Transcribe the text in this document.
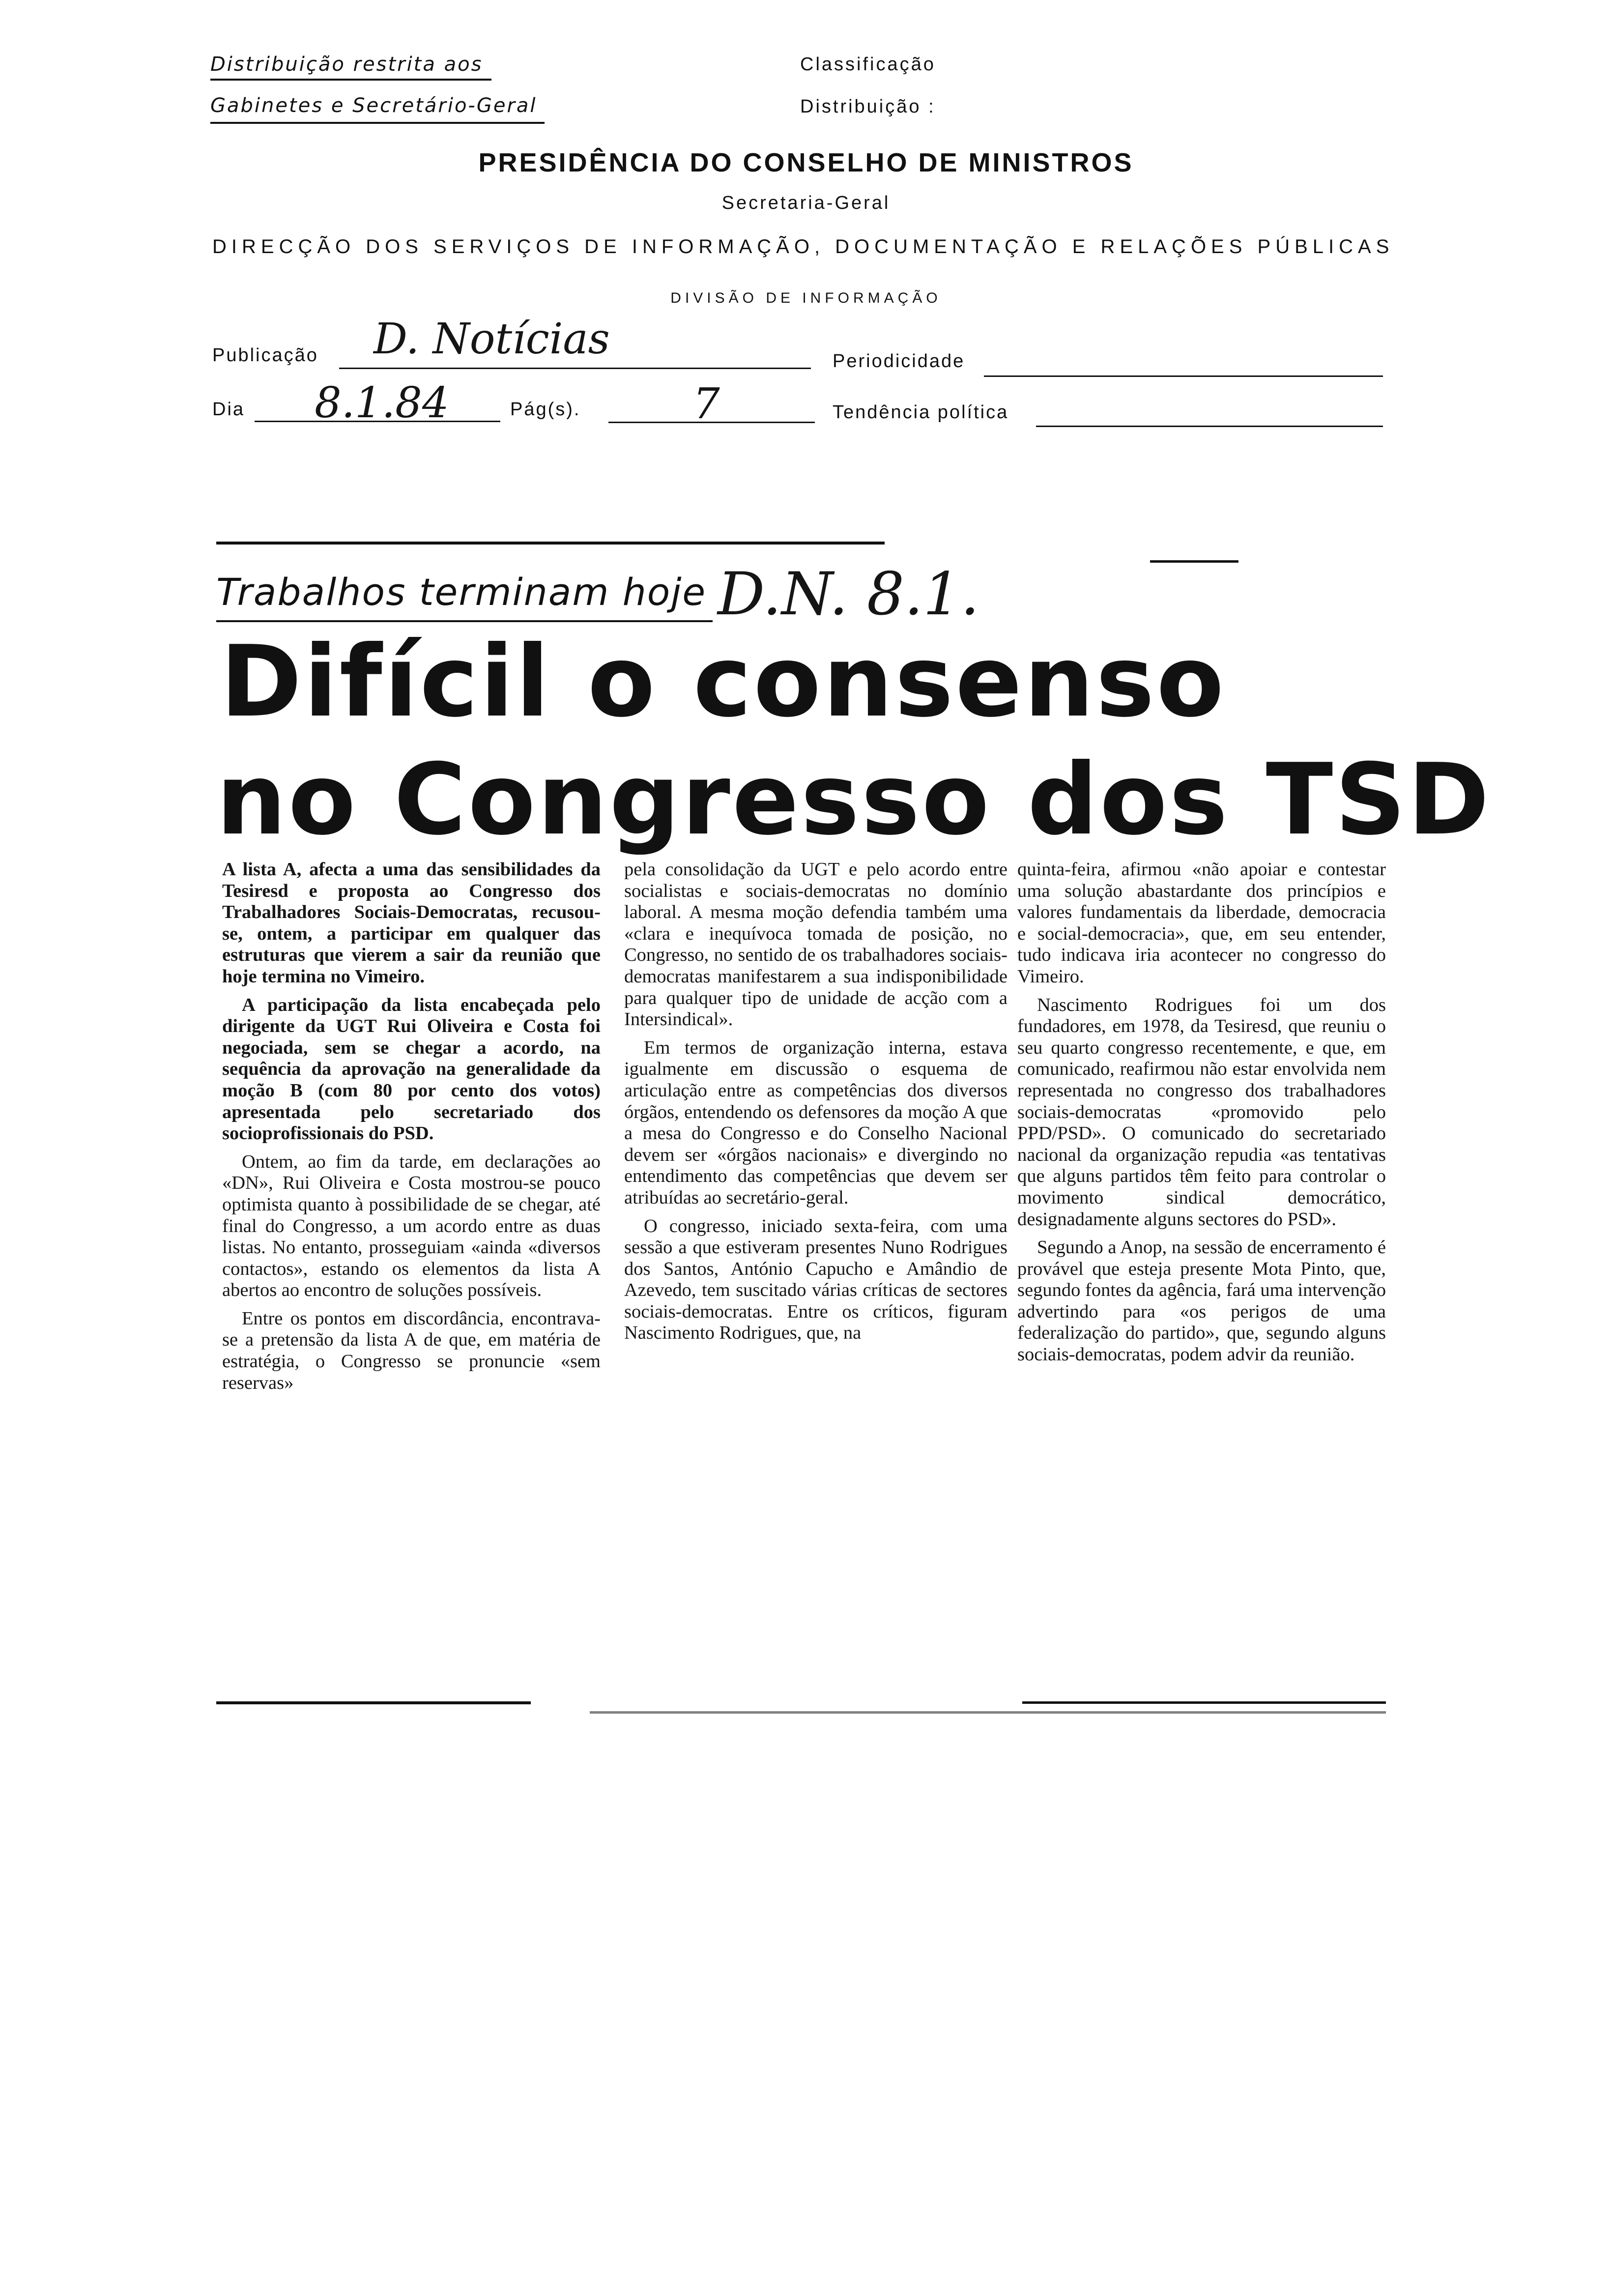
Distribuição restrita aos
Gabinetes e Secretário-Geral
Classificação
Distribuição :
PRESIDÊNCIA DO CONSELHO DE MINISTROS
Secretaria-Geral
DIRECÇÃO DOS SERVIÇOS DE INFORMAÇÃO, DOCUMENTAÇÃO E RELAÇÕES PÚBLICAS
DIVISÃO DE INFORMAÇÃO
Publicação D. Notícias	Periodicidade
Dia 8.1.84	Pág(s).	7	Tendência política
Trabalhos terminam hoje D.N. 8.1.
Difícil o consenso
no Congresso dos TSD

A lista A, afecta a uma das sensibilidades da Tesiresd e proposta ao Congresso dos Trabalhadores Sociais-Democratas, recusou-se, ontem, a participar em qualquer das estruturas que vierem a sair da reunião que hoje termina no Vimeiro.

A participação da lista encabeçada pelo dirigente da UGT Rui Oliveira e Costa foi negociada, sem se chegar a acordo, na sequência da aprovação na generalidade da moção B (com 80 por cento dos votos) apresentada pelo secretariado dos socioprofissionais do PSD.

Ontem, ao fim da tarde, em declarações ao «DN», Rui Oliveira e Costa mostrou-se pouco optimista quanto à possibilidade de se chegar, até final do Congresso, a um acordo entre as duas listas. No entanto, prosseguiam «ainda «diversos contactos», estando os elementos da lista A abertos ao encontro de soluções possíveis.

Entre os pontos em discordância, encontrava-se a pretensão da lista A de que, em matéria de estratégia, o Congresso se pronuncie «sem reservas»

pela consolidação da UGT e pelo acordo entre socialistas e sociais-democratas no domínio laboral. A mesma moção defendia também uma «clara e inequívoca tomada de posição, no Congresso, no sentido de os trabalhadores sociais-democratas manifestarem a sua indisponibilidade para qualquer tipo de unidade de acção com a Intersindical».

Em termos de organização interna, estava igualmente em discussão o esquema de articulação entre as competências dos diversos órgãos, entendendo os defensores da moção A que a mesa do Congresso e do Conselho Nacional devem ser «órgãos nacionais» e divergindo no entendimento das competências que devem ser atribuídas ao secretário-geral.

O congresso, iniciado sexta-feira, com uma sessão a que estiveram presentes Nuno Rodrigues dos Santos, António Capucho e Amândio de Azevedo, tem suscitado várias críticas de sectores sociais-democratas. Entre os críticos, figuram Nascimento Rodrigues, que, na

quinta-feira, afirmou «não apoiar e contestar uma solução abastardante dos princípios e valores fundamentais da liberdade, democracia e social-democracia», que, em seu entender, tudo indicava iria acontecer no congresso do Vimeiro.

Nascimento Rodrigues foi um dos fundadores, em 1978, da Tesiresd, que reuniu o seu quarto congresso recentemente, e que, em comunicado, reafirmou não estar envolvida nem representada no congresso dos trabalhadores sociais-democratas «promovido pelo PPD/PSD». O comunicado do secretariado nacional da organização repudia «as tentativas que alguns partidos têm feito para controlar o movimento sindical democrático, designadamente alguns sectores do PSD».

Segundo a Anop, na sessão de encerramento é provável que esteja presente Mota Pinto, que, segundo fontes da agência, fará uma intervenção advertindo para «os perigos de uma federalização do partido», que, segundo alguns sociais-democratas, podem advir da reunião.
